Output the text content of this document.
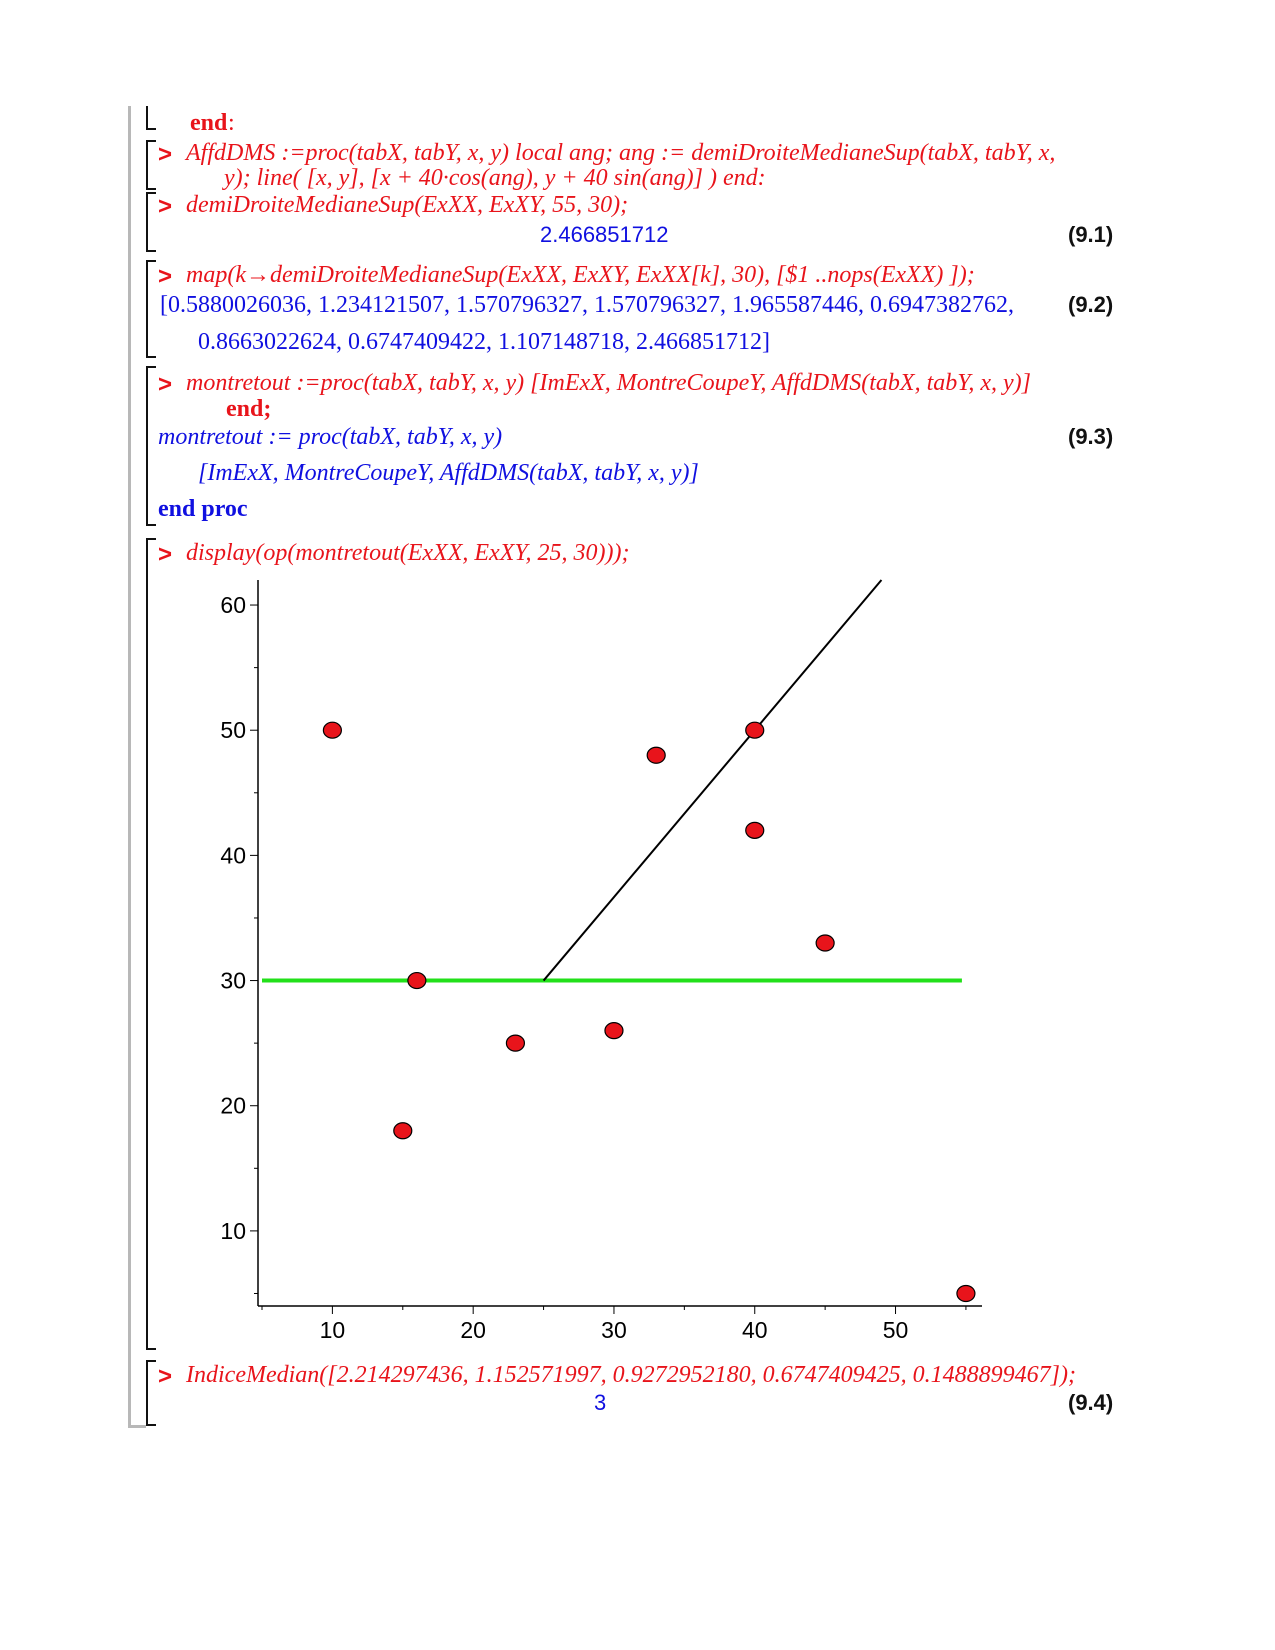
end :
> AffdDMS :=proc(tabX, tabY, x, y) local ang; ang := demiDroiteMedianeSup(tabX, tabY, x,
y); line( [x, y], [x + 40·cos(ang), y + 40 sin(ang)] ) end:
> demiDroiteMedianeSup(ExXX, ExXY, 55, 30);
2.466851712	(9.1)
> map(k→demiDroiteMedianeSup(ExXX, ExXY, ExXX[k], 30), [$1 ..nops(ExXX) ]);
[0.5880026036, 1.234121507, 1.570796327, 1.570796327, 1.965587446, 0.6947382762, (9.2)
0.8663022624, 0.6747409422, 1.107148718, 2.466851712]
> montretout :=proc(tabX, tabY, x, y) [ImExX, MontreCoupeY, AffdDMS(tabX, tabY, x, y)]
end;
montretout := proc(tabX, tabY, x, y)	(9.3)
[ImExX, MontreCoupeY, AffdDMS(tabX, tabY, x, y)]
end proc
> display(op(montretout(ExXX, ExXY, 25, 30)));
10
20
30
40
50
60
10	20	30	40	50
> IndiceMedian([2.214297436, 1.152571997, 0.9272952180, 0.6747409425, 0.1488899467]);
3	(9.4)
